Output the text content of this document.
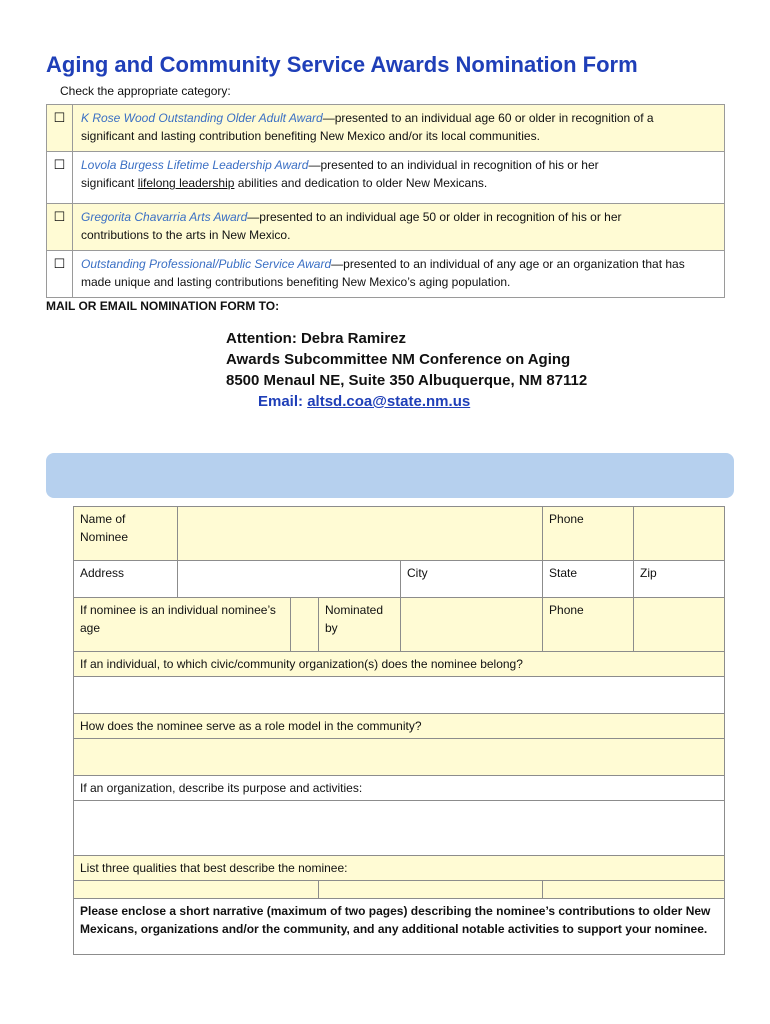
Aging and Community Service Awards Nomination Form
Check the appropriate category:
☐	K Rose Wood Outstanding Older Adult Award—presented to an individual age 60 or older in recognition of a
significant and lasting contribution benefiting New Mexico and/or its local communities.
☐	Lovola Burgess Lifetime Leadership Award—presented to an individual in recognition of his or her
significant lifelong leadership abilities and dedication to older New Mexicans.
☐	Gregorita Chavarria Arts Award—presented to an individual age 50 or older in recognition of his or her
contributions to the arts in New Mexico.
☐	Outstanding Professional/Public Service Award—presented to an individual of any age or an organization that has
made unique and lasting contributions benefiting New Mexico’s aging population.
MAIL OR EMAIL NOMINATION FORM TO:
Attention: Debra Ramirez
Awards Subcommittee NM Conference on Aging
8500 Menaul NE, Suite 350 Albuquerque, NM 87112
Email: altsd.coa@state.nm.us
Name of Nominee					Phone	
Address				City	State	Zip
If nominee is an individual nominee’s age			Nominated by		Phone	
If an individual, to which civic/community organization(s) does the nominee belong?						

How does the nominee serve as a role model in the community?						

If an organization, describe its purpose and activities:						

List three qualities that best describe the nominee:						

Please enclose a short narrative (maximum of two pages) describing the nominee’s contributions to older New Mexicans, organizations and/or the community, and any additional notable activities to support your nominee.						
